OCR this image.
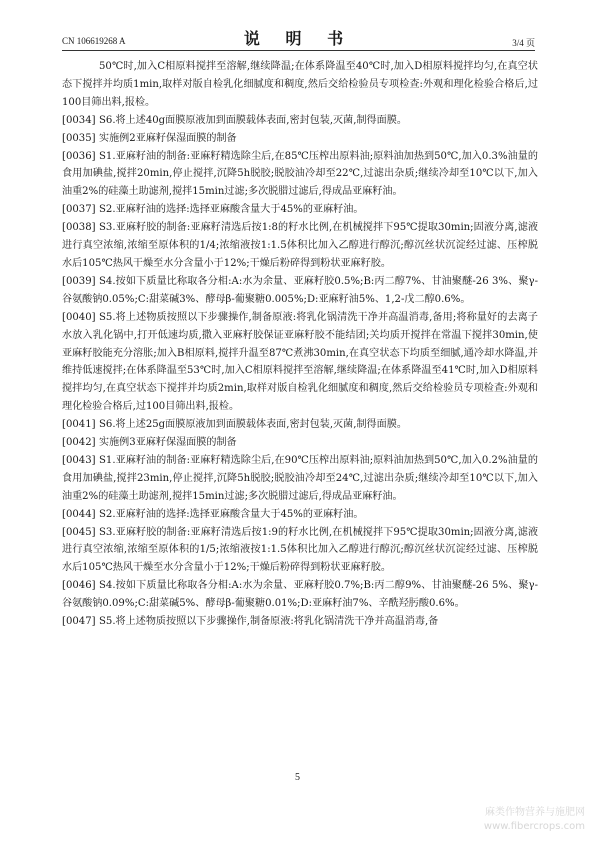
CN 106619268 A	说 明 书	3/4 页

50℃时,加入C相原料搅拌至溶解,继续降温;在体系降温至40℃时,加入D相原料搅拌均匀,在真空状态下搅拌并均质1min,取样对版自检乳化细腻度和稠度,然后交给检验员专项检查:外观和理化检验合格后,过100目筛出料,报检。

[0034] S6.将上述40g面膜原液加到面膜载体表面,密封包装,灭菌,制得面膜。

[0035] 实施例2亚麻籽保湿面膜的制备

[0036] S1.亚麻籽油的制备:亚麻籽精选除尘后,在85℃压榨出原料油;原料油加热到50℃,加入0.3%油量的食用加碘盐,搅拌20min,停止搅拌,沉降5h脱胶;脱胶油冷却至22℃,过滤出杂质;继续冷却至10℃以下,加入油重2%的硅藻土助滤剂,搅拌15min过滤;多次脱腊过滤后,得成品亚麻籽油。

[0037] S2.亚麻籽油的选择:选择亚麻酸含量大于45%的亚麻籽油。

[0038] S3.亚麻籽胶的制备:亚麻籽清选后按1:8的籽水比例,在机械搅拌下95℃提取30min;固液分离,滤液进行真空浓缩,浓缩至原体积的1/4;浓缩液按1:1.5体积比加入乙醇进行醇沉;醇沉丝状沉淀经过滤、压榨脱水后105℃热风干燥至水分含量小于12%;干燥后粉碎得到粉状亚麻籽胶。

[0039] S4.按如下质量比称取各分相:A:水为余量、亚麻籽胶0.5%;B:丙二醇7%、甘油聚醚-26 3%、聚γ-谷氨酸钠0.05%;C:甜菜碱3%、酵母β-葡聚糖0.005%;D:亚麻籽油5%、1,2-戊二醇0.6%。

[0040] S5.将上述物质按照以下步骤操作,制备原液:将乳化锅清洗干净并高温消毒,备用;将称量好的去离子水放入乳化锅中,打开低速均质,撒入亚麻籽胶保证亚麻籽胶不能结团;关均质开搅拌在常温下搅拌30min,使亚麻籽胶能充分溶胀;加入B相原料,搅拌升温至87℃煮沸30min,在真空状态下均质至细腻,通冷却水降温,并维持低速搅拌;在体系降温至53℃时,加入C相原料搅拌至溶解,继续降温;在体系降温至41℃时,加入D相原料搅拌均匀,在真空状态下搅拌并均质2min,取样对版自检乳化细腻度和稠度,然后交给检验员专项检查:外观和理化检验合格后,过100目筛出料,报检。

[0041] S6.将上述25g面膜原液加到面膜载体表面,密封包装,灭菌,制得面膜。

[0042] 实施例3亚麻籽保湿面膜的制备

[0043] S1.亚麻籽油的制备:亚麻籽精选除尘后,在90℃压榨出原料油;原料油加热到50℃,加入0.2%油量的食用加碘盐,搅拌23min,停止搅拌,沉降5h脱胶;脱胶油冷却至24℃,过滤出杂质;继续冷却至10℃以下,加入油重2%的硅藻土助滤剂,搅拌15min过滤;多次脱腊过滤后,得成品亚麻籽油。

[0044] S2.亚麻籽油的选择:选择亚麻酸含量大于45%的亚麻籽油。

[0045] S3.亚麻籽胶的制备:亚麻籽清选后按1:9的籽水比例,在机械搅拌下95℃提取30min;固液分离,滤液进行真空浓缩,浓缩至原体积的1/5;浓缩液按1:1.5体积比加入乙醇进行醇沉;醇沉丝状沉淀经过滤、压榨脱水后105℃热风干燥至水分含量小于12%;干燥后粉碎得到粉状亚麻籽胶。

[0046] S4.按如下质量比称取各分相:A:水为余量、亚麻籽胶0.7%;B:丙二醇9%、甘油聚醚-26 5%、聚γ-谷氨酸钠0.09%;C:甜菜碱5%、酵母β-葡聚糖0.01%;D:亚麻籽油7%、辛酰羟肟酸0.6%。

[0047] S5.将上述物质按照以下步骤操作,制备原液:将乳化锅清洗干净并高温消毒,备

5
麻类作物营养与施肥网
www.fibercrops.com
